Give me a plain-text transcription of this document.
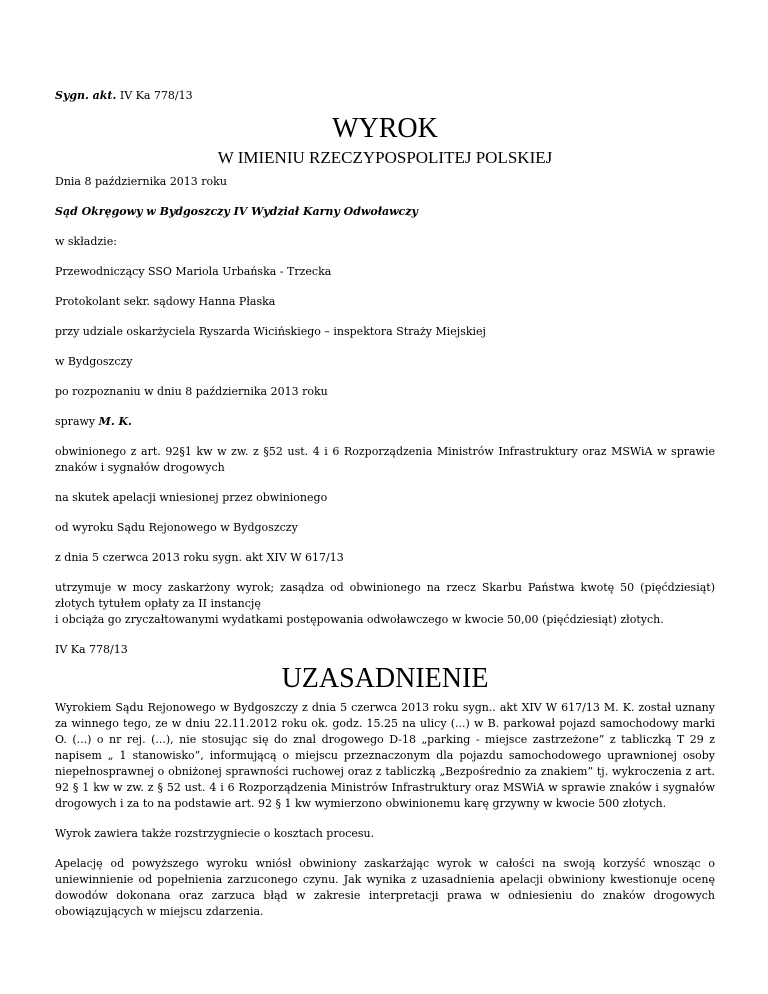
Sygn. akt. IV Ka 778/13

WYROK
W IMIENIU RZECZYPOSPOLITEJ POLSKIEJ

Dnia 8 października 2013 roku

Sąd Okręgowy w Bydgoszczy IV Wydział Karny Odwoławczy

w składzie:

Przewodniczący SSO Mariola Urbańska - Trzecka

Protokolant sekr. sądowy Hanna Płaska

przy udziale oskarżyciela Ryszarda Wicińskiego – inspektora Straży Miejskiej

w Bydgoszczy

po rozpoznaniu w dniu 8 października 2013 roku

sprawy M. K.

obwinionego z art. 92§1 kw w zw. z §52 ust. 4 i 6 Rozporządzenia Ministrów Infrastruktury oraz MSWiA w sprawie znaków i sygnałów drogowych

na skutek apelacji wniesionej przez obwinionego

od wyroku Sądu Rejonowego w Bydgoszczy

z dnia 5 czerwca 2013 roku sygn. akt XIV W 617/13

utrzymuje w mocy zaskarżony wyrok; zasądza od obwinionego na rzecz Skarbu Państwa kwotę 50 (pięćdziesiąt) złotych tytułem opłaty za II instancję

i obciąża go zryczałtowanymi wydatkami postępowania odwoławczego w kwocie 50,00 (pięćdziesiąt) złotych.

IV Ka 778/13

UZASADNIENIE

Wyrokiem Sądu Rejonowego w Bydgoszczy z dnia 5 czerwca 2013 roku sygn.. akt XIV W 617/13 M. K. został uznany za winnego tego, ze w dniu 22.11.2012 roku ok. godz. 15.25 na ulicy (...) w B. parkował pojazd samochodowy marki O. (...) o nr rej. (...), nie stosując się do znal drogowego D-18 „parking - miejsce zastrzeżone” z tabliczką T 29 z napisem „ 1 stanowisko”, informującą o miejscu przeznaczonym dla pojazdu samochodowego uprawnionej osoby niepełnosprawnej o obniżonej sprawności ruchowej oraz z tabliczką „Bezpośrednio za znakiem” tj. wykroczenia z art. 92 § 1 kw w zw. z § 52 ust. 4 i 6 Rozporządzenia Ministrów Infrastruktury oraz MSWiA w sprawie znaków i sygnałów drogowych i za to na podstawie art. 92 § 1 kw wymierzono obwinionemu karę grzywny w kwocie 500 złotych.

Wyrok zawiera także rozstrzygniecie o kosztach procesu.

Apelację od powyższego wyroku wniósł obwiniony zaskarżając wyrok w całości na swoją korzyść wnosząc o uniewinnienie od popełnienia zarzuconego czynu. Jak wynika z uzasadnienia apelacji obwiniony kwestionuje ocenę dowodów dokonana oraz zarzuca błąd w zakresie interpretacji prawa w odniesieniu do znaków drogowych obowiązujących w miejscu zdarzenia.
